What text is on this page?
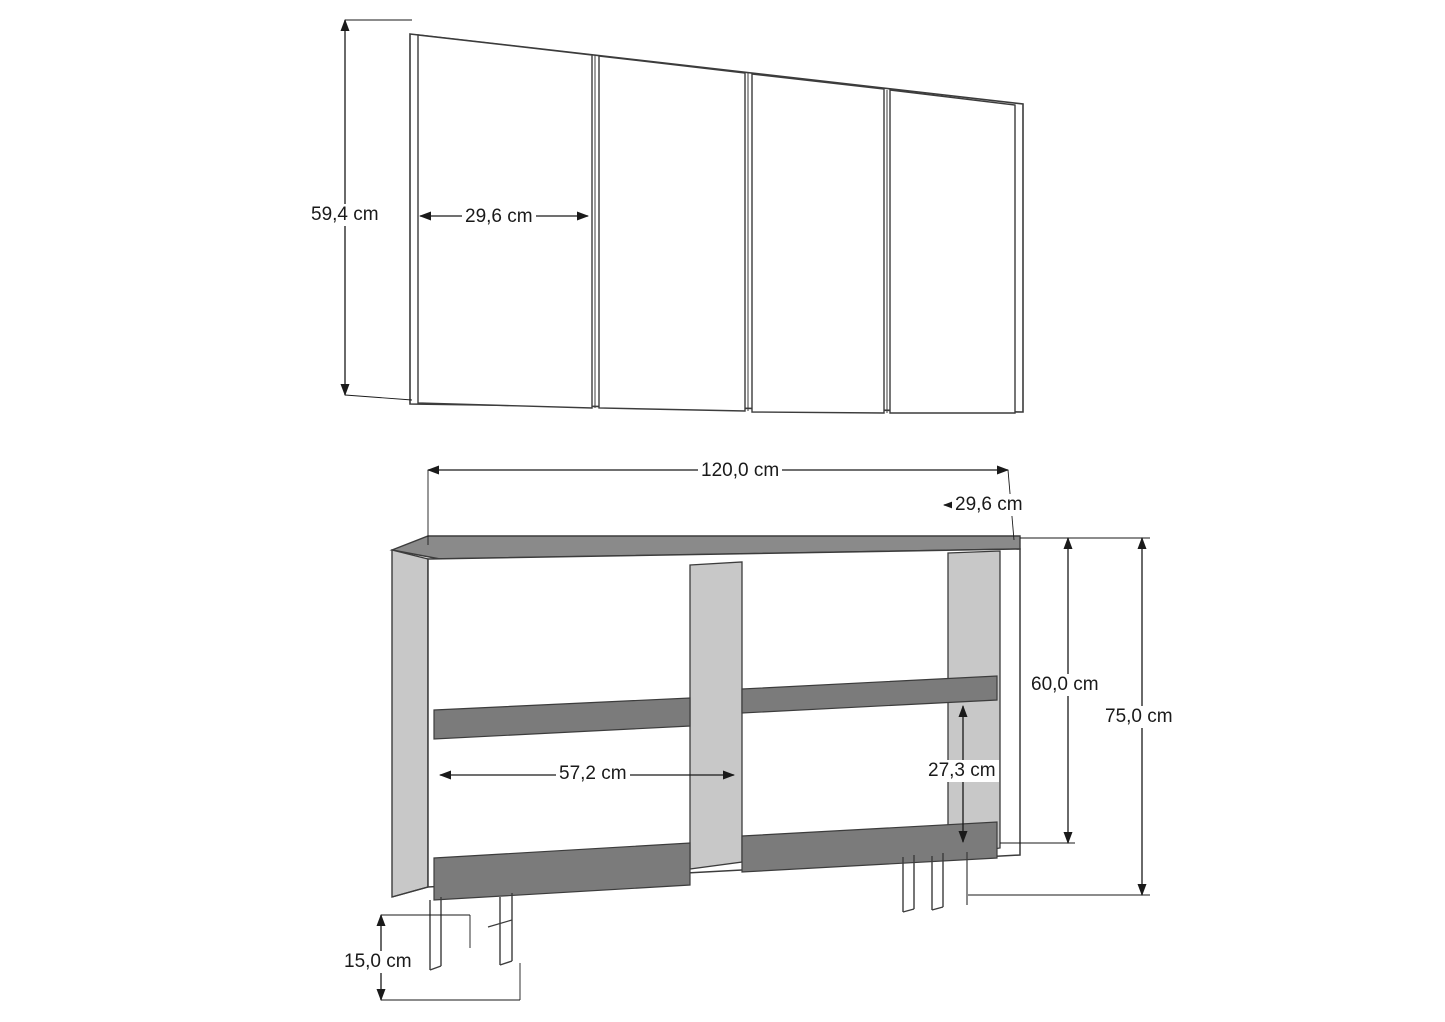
59,4 cm	29,6 cm
120,0 cm
29,6 cm
60,0 cm
75,0 cm
57,2 cm	27,3 cm
15,0 cm
